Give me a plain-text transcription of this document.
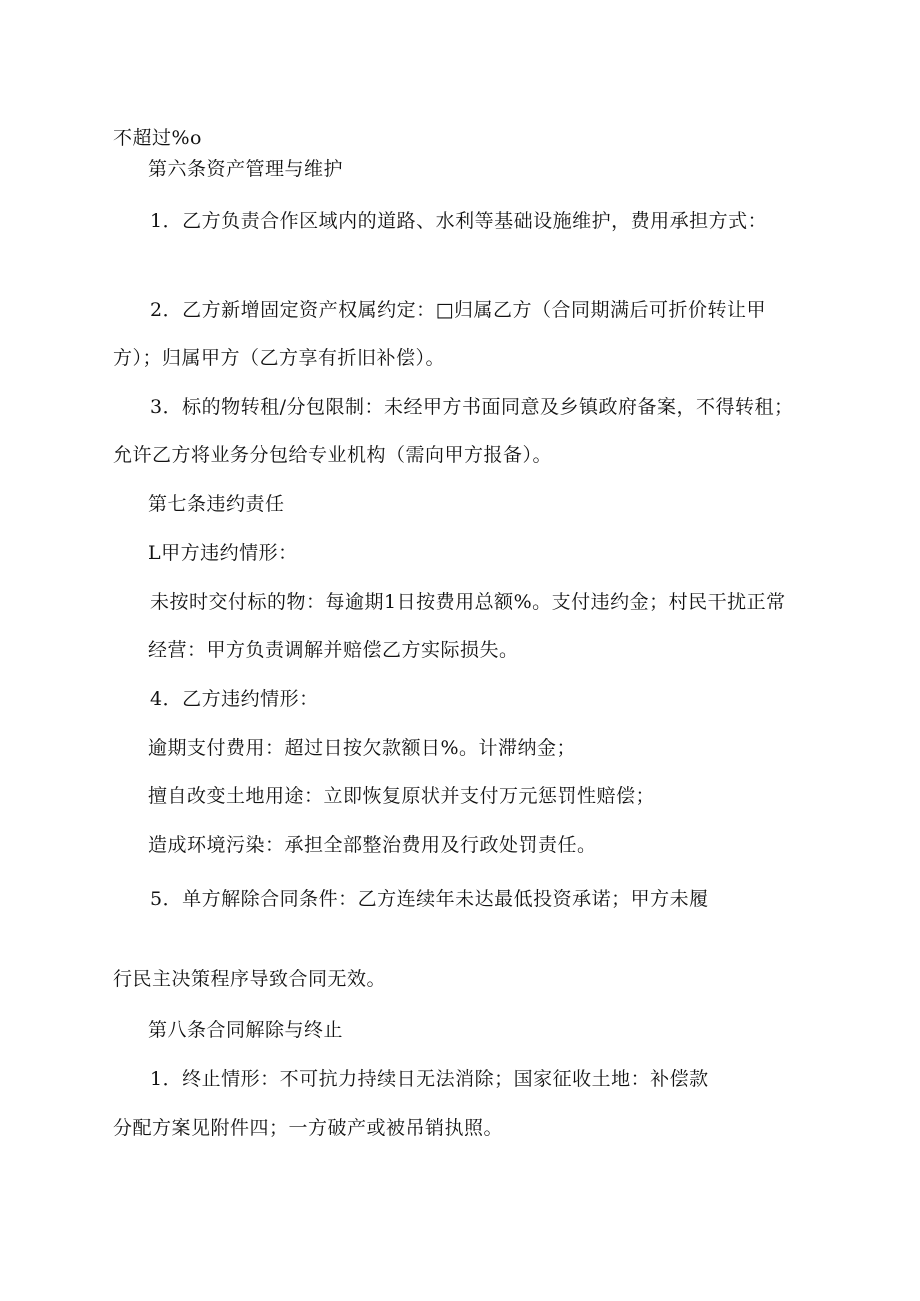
不超过%o
第六条资产管理与维护
1．乙方负责合作区域内的道路、水利等基础设施维护，费用承担方式：
2．乙方新增固定资产权属约定：□归属乙方（合同期满后可折价转让甲
方）；归属甲方（乙方享有折旧补偿）。
3．标的物转租/分包限制：未经甲方书面同意及乡镇政府备案，不得转租；
允许乙方将业务分包给专业机构（需向甲方报备）。
第七条违约责任
L甲方违约情形：
未按时交付标的物：每逾期1日按费用总额%。支付违约金；村民干扰正常
经营：甲方负责调解并赔偿乙方实际损失。
4．乙方违约情形：
逾期支付费用：超过日按欠款额日%。计滞纳金；
擅自改变土地用途：立即恢复原状并支付万元惩罚性赔偿；
造成环境污染：承担全部整治费用及行政处罚责任。
5．单方解除合同条件：乙方连续年未达最低投资承诺；甲方未履
行民主决策程序导致合同无效。
第八条合同解除与终止
1．终止情形：不可抗力持续日无法消除；国家征收土地：补偿款
分配方案见附件四；一方破产或被吊销执照。
